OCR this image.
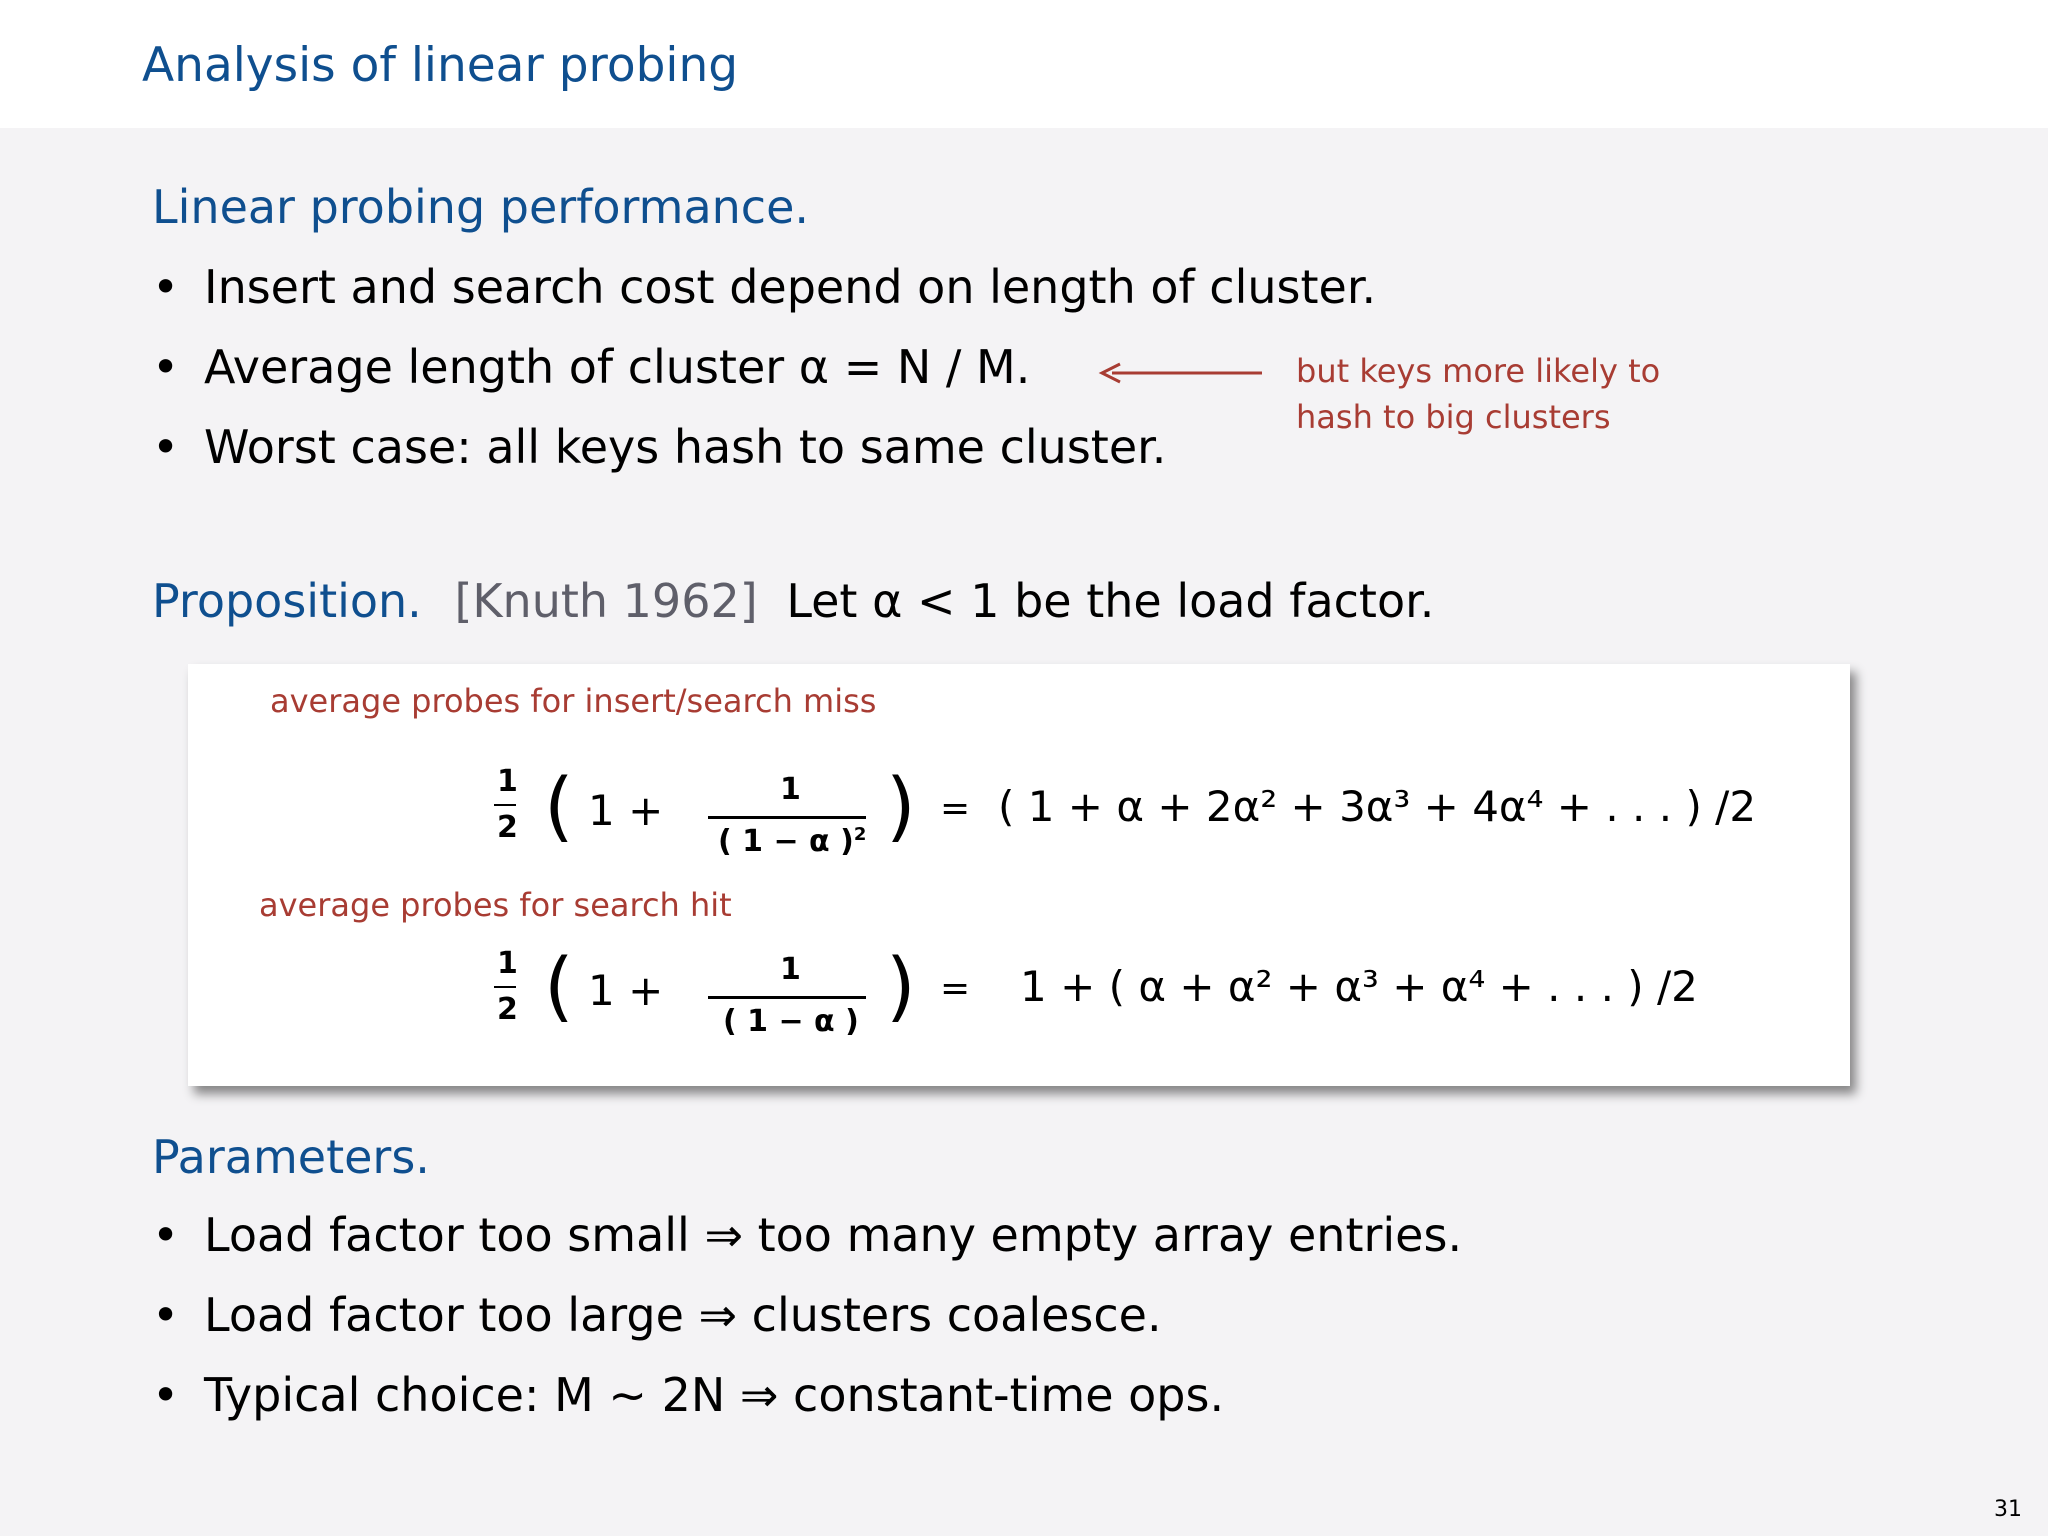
Analysis of linear probing
Linear probing performance.
• Insert and search cost depend on length of cluster.
• Average length of cluster α = N / M.
• Worst case: all keys hash to same cluster.
but keys more likely to
hash to big clusters
Proposition. [Knuth 1962] Let α < 1 be the load factor.
average probes for insert/search miss
1
2 ( 1 +	1
( 1 − α )$^2$ ) = ( 1 + α + 2α² + 3α³ + 4α⁴ + . . . ) /2
average probes for search hit
1
2 ( 1 +	1
( 1 − α ) ) = 1 + ( α + α² + α³ + α⁴ + . . . ) /2
Parameters.
• Load factor too small ⇒ too many empty array entries.
• Load factor too large ⇒ clusters coalesce.
• Typical choice: M ~ 2N ⇒ constant-time ops.
31
